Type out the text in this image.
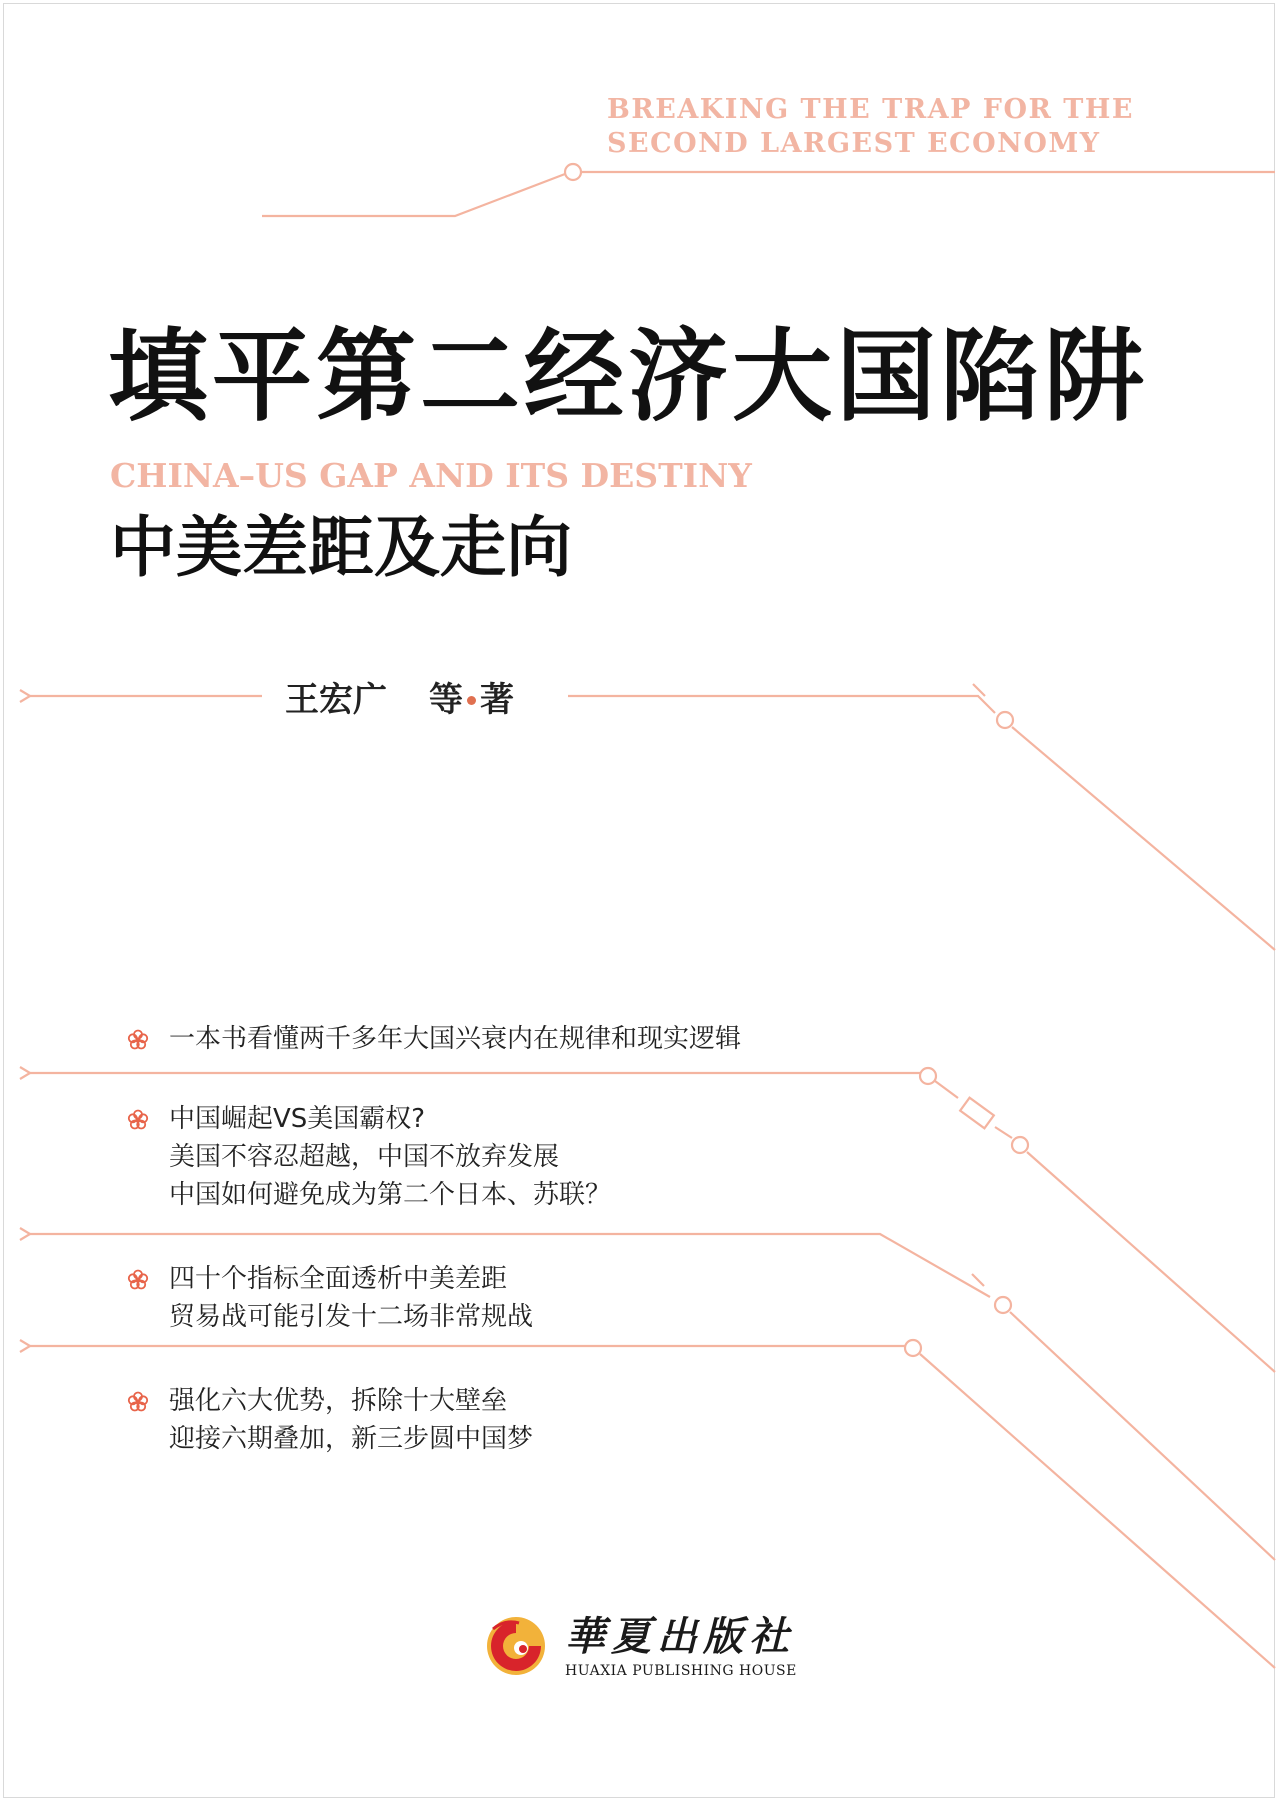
BREAKING THE TRAP FOR THE
SECOND LARGEST ECONOMY
填平第二经济大国陷阱
CHINA–US GAP AND ITS DESTINY
中美差距及走向
王宏广 等 著
一本书看懂两千多年大国兴衰内在规律和现实逻辑
中国崛起VS美国霸权?
美国不容忍超越，中国不放弃发展
中国如何避免成为第二个日本、苏联？
四十个指标全面透析中美差距
贸易战可能引发十二场非常规战
强化六大优势，拆除十大壁垒
迎接六期叠加，新三步圆中国梦
華夏出版社
HUAXIA PUBLISHING HOUSE
